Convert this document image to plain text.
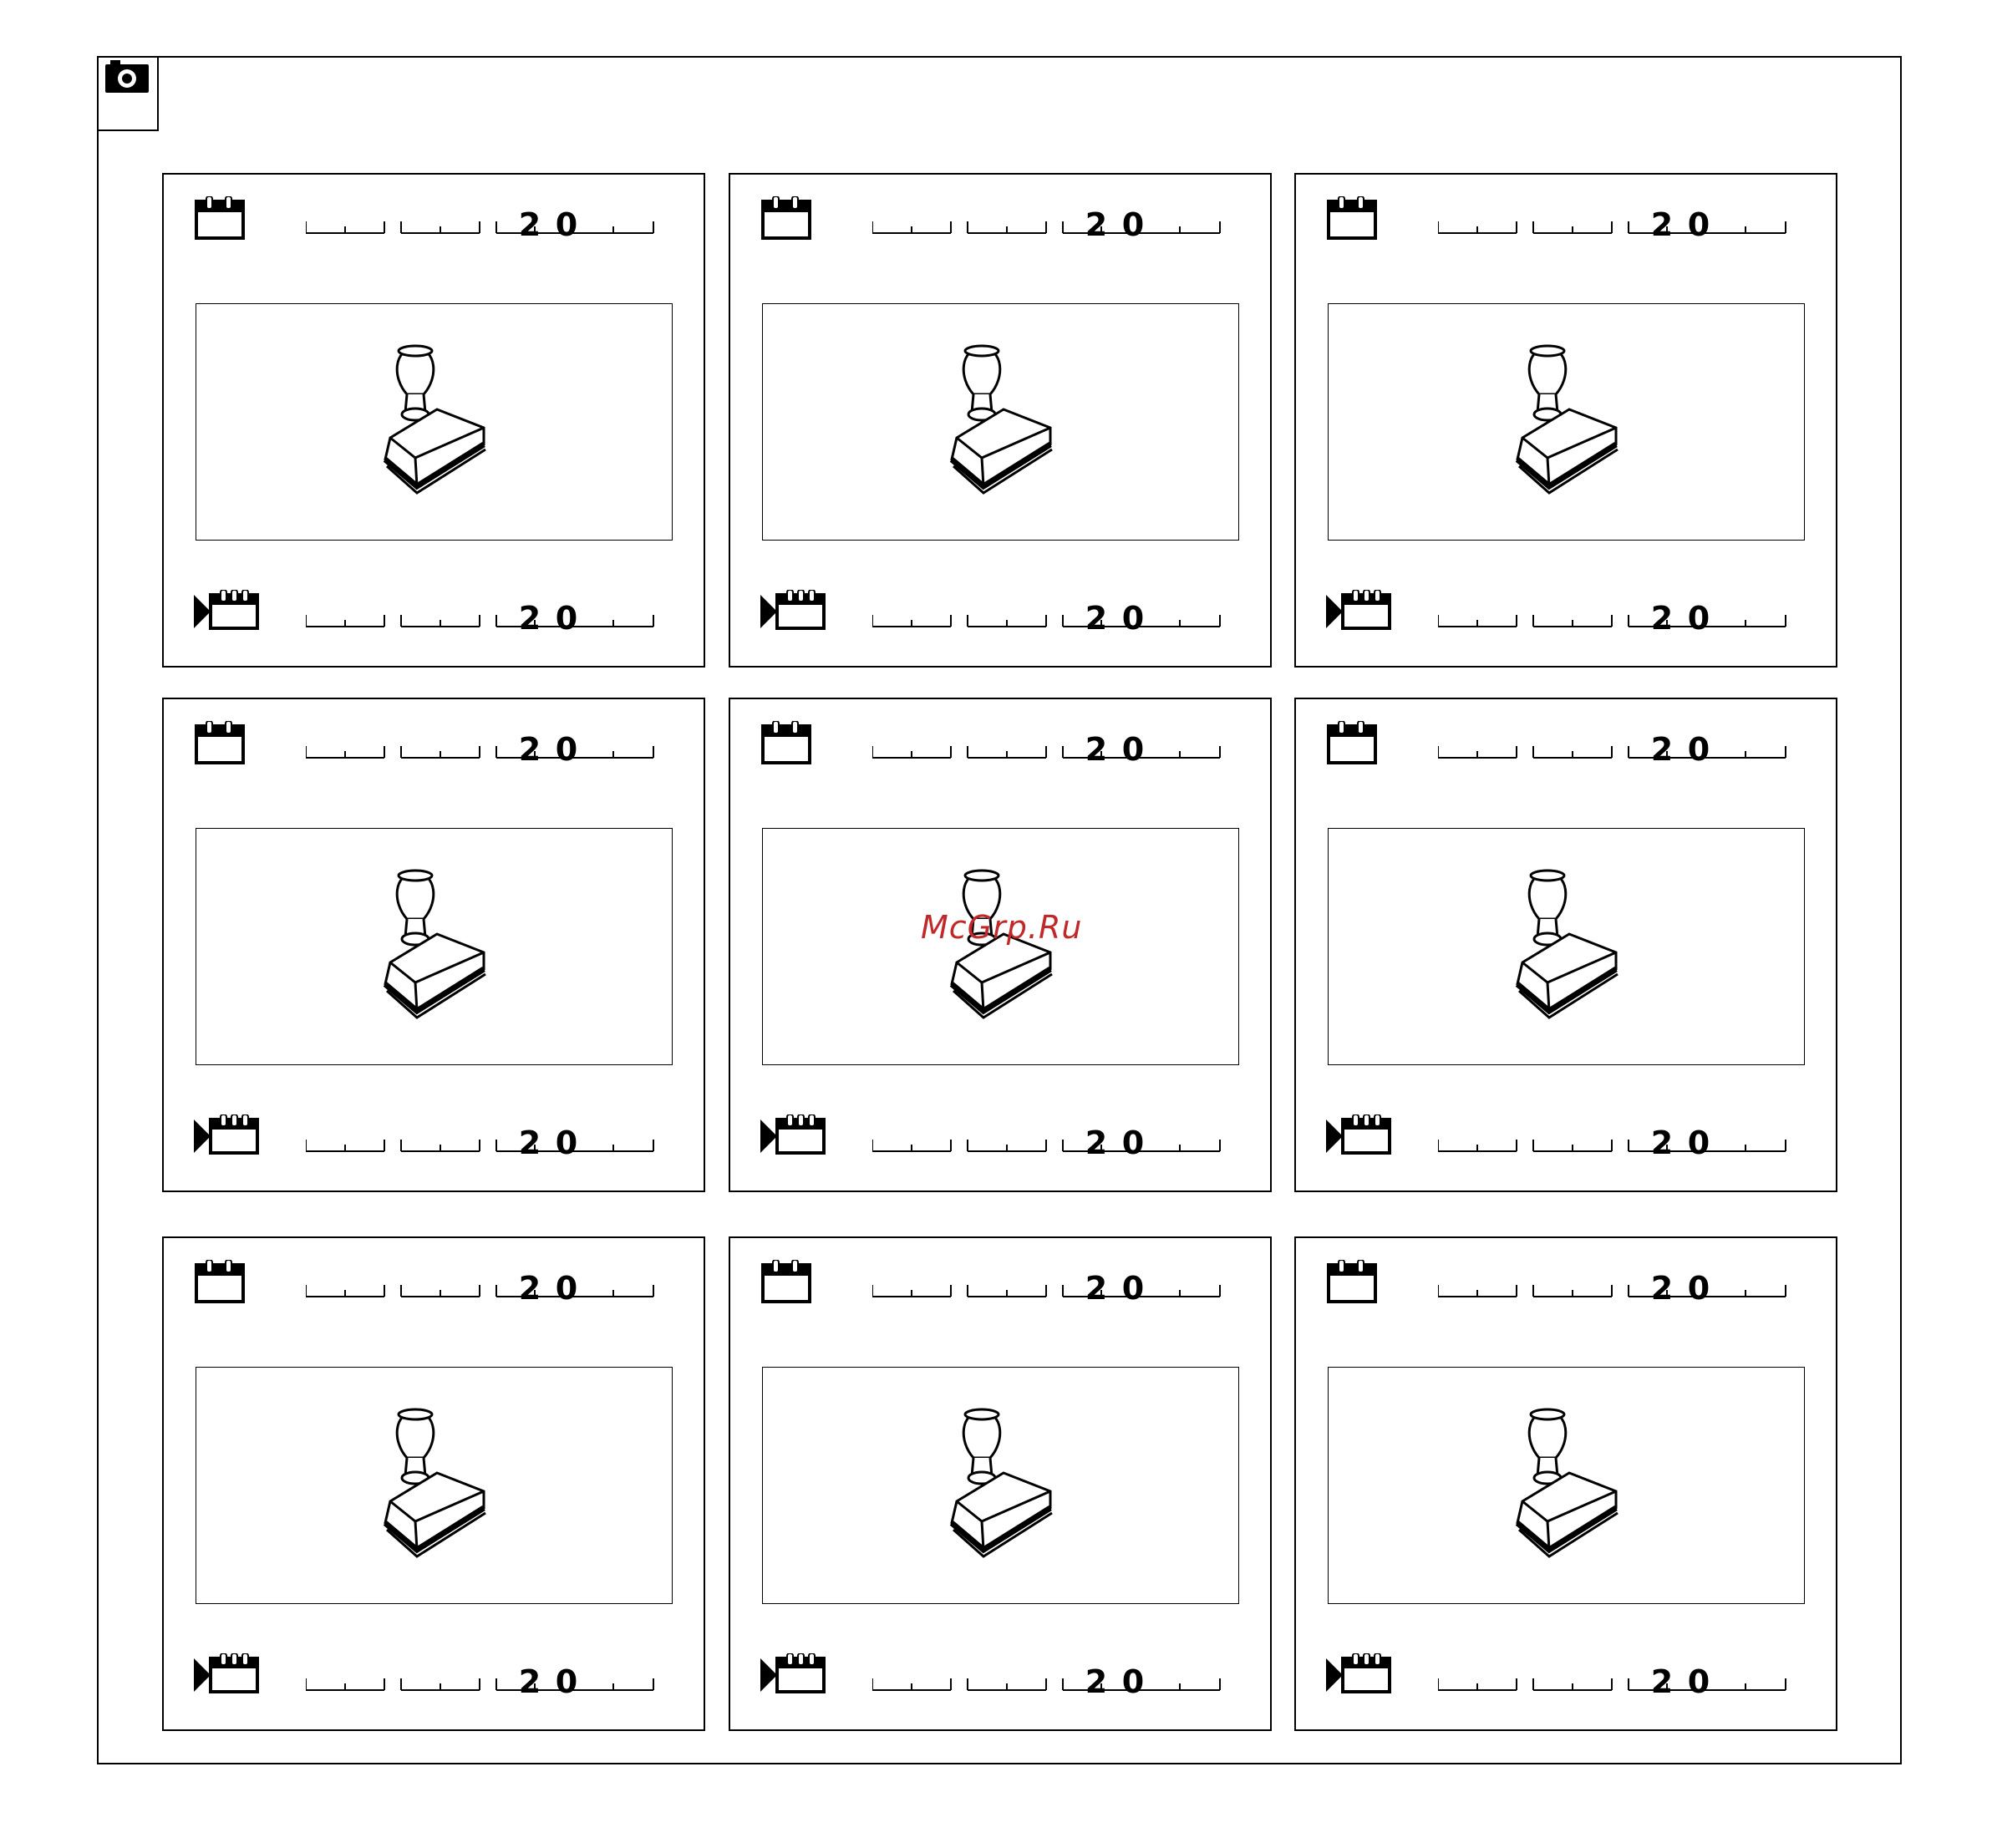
2 0
2 0
2 0
2 0
2 0
2 0
2 0
2 0
2 0
2 0
2 0
2 0
2 0
2 0
2 0
2 0
2 0
2 0
McGrp.Ru
